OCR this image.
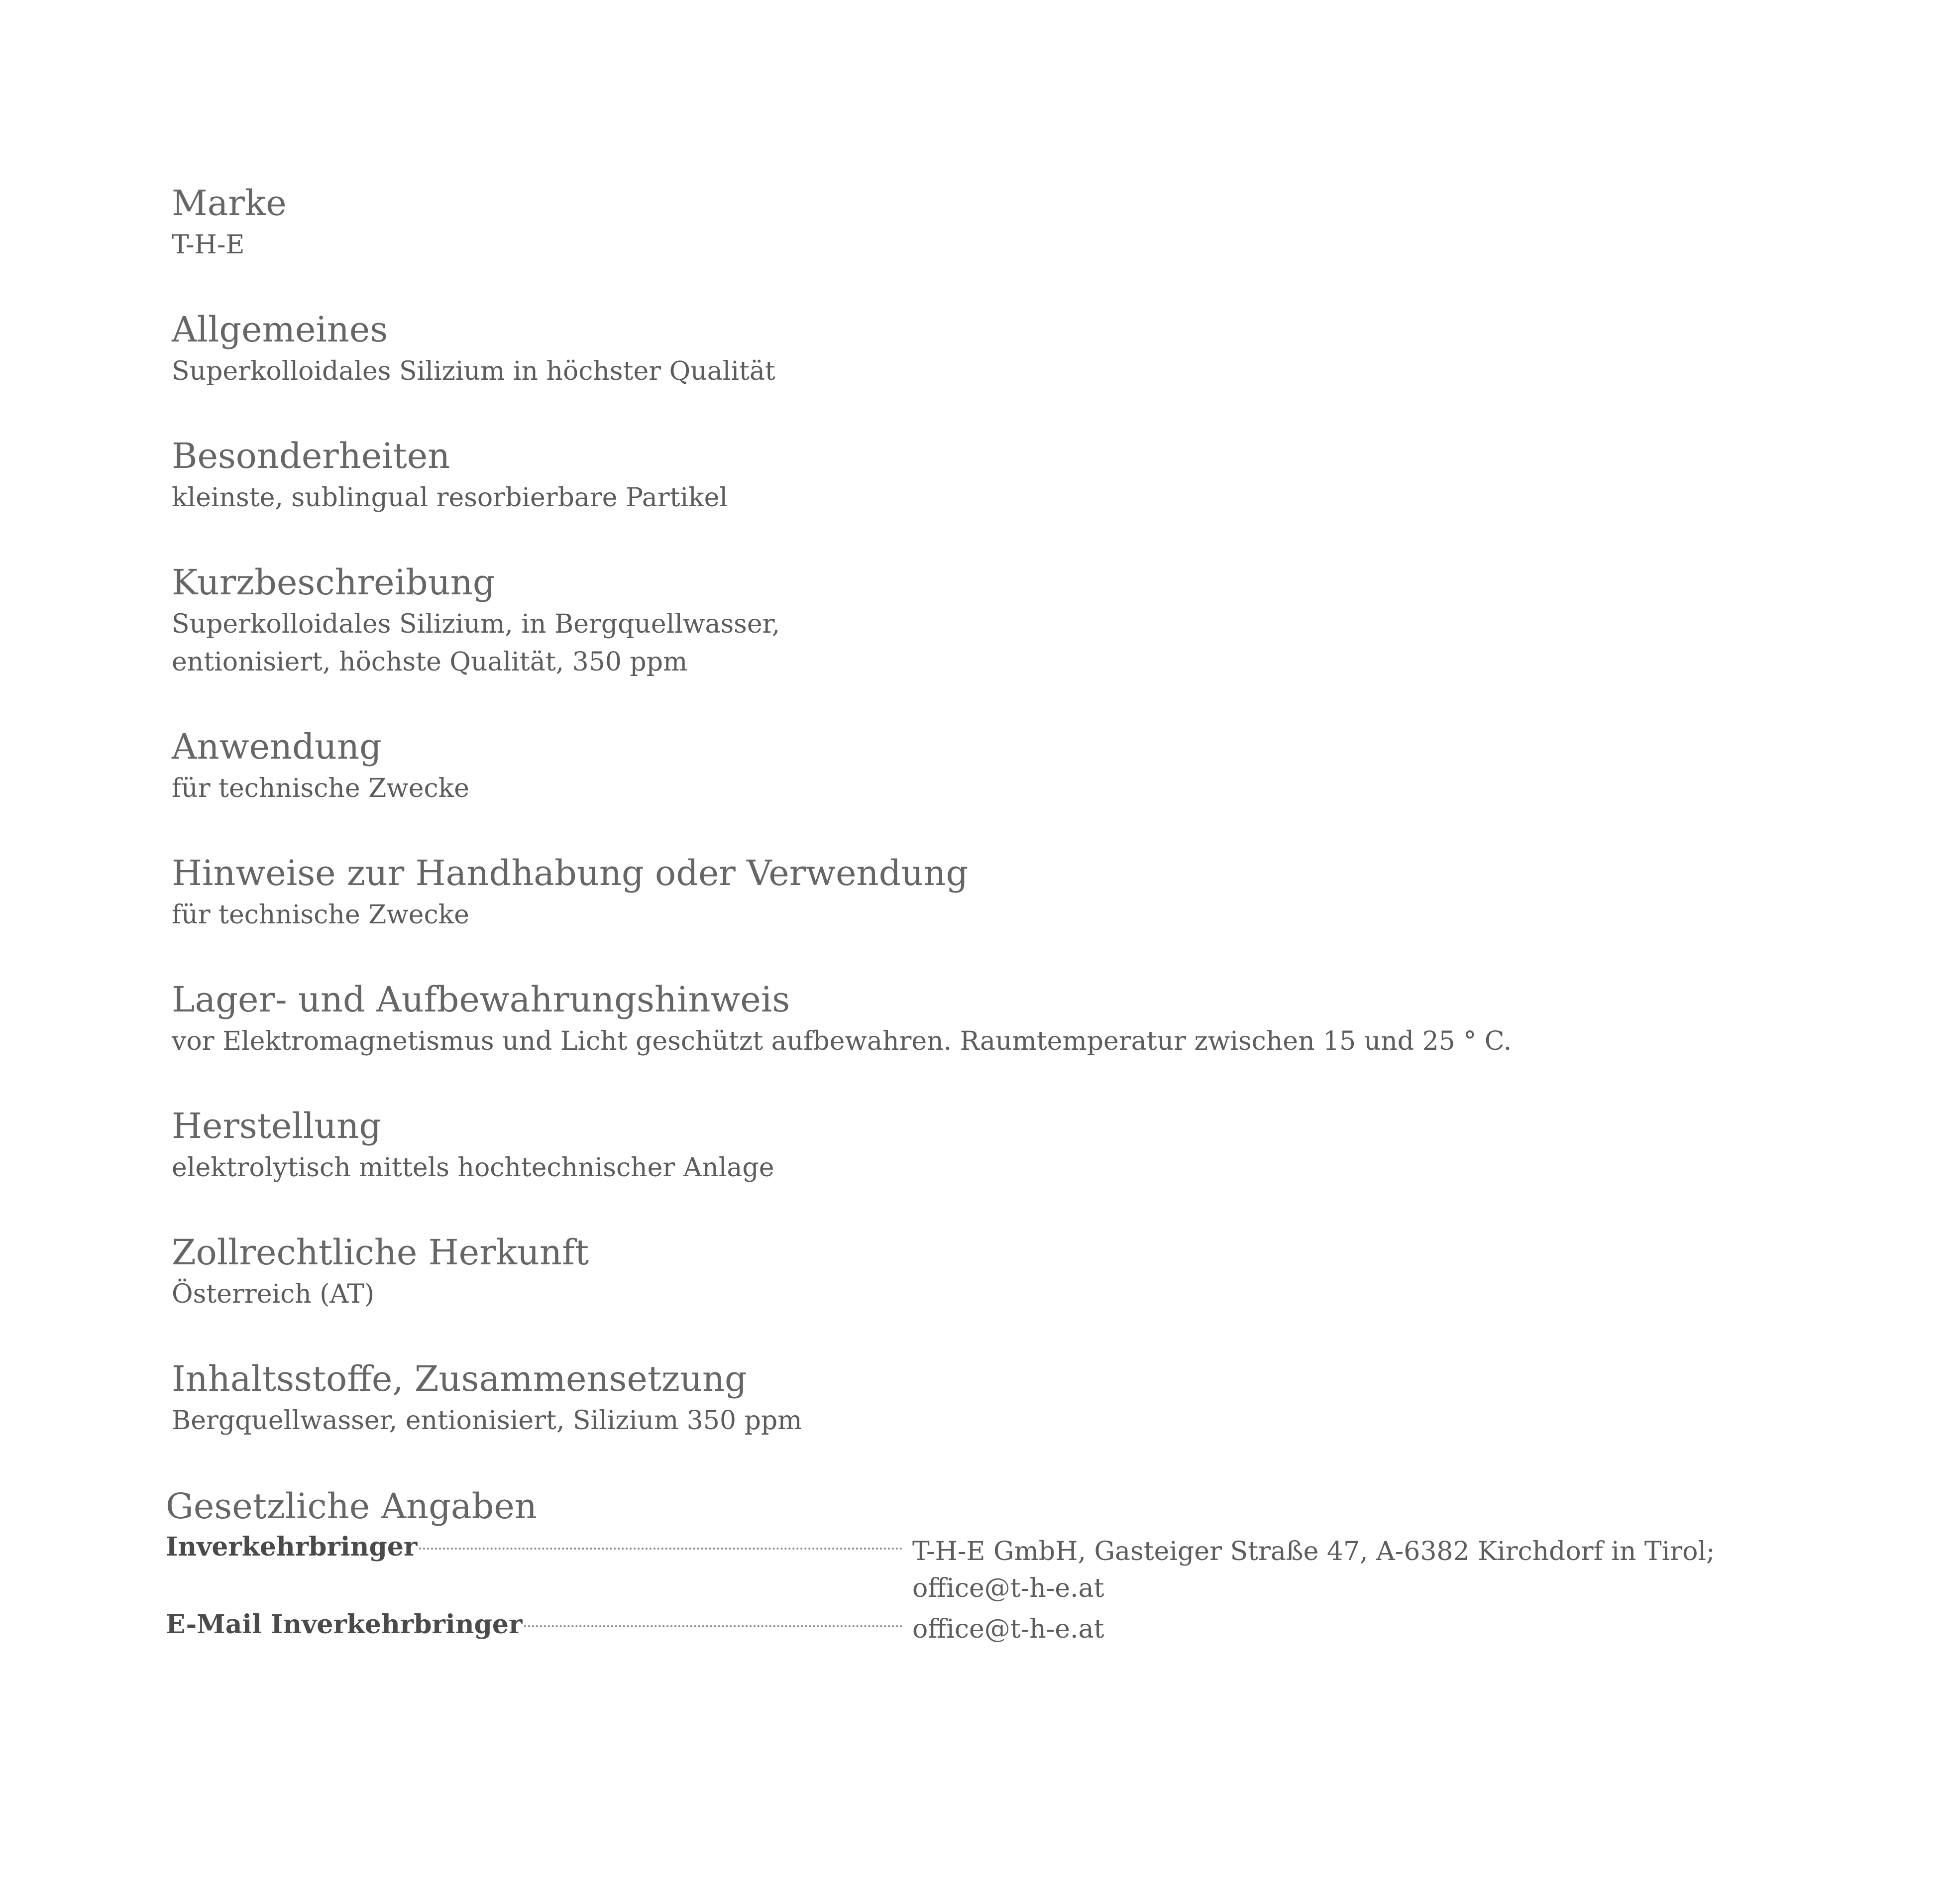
Marke
T-H-E
Allgemeines
Superkolloidales Silizium in höchster Qualität
Besonderheiten
kleinste, sublingual resorbierbare Partikel
Kurzbeschreibung
Superkolloidales Silizium, in Bergquellwasser,
entionisiert, höchste Qualität, 350 ppm
Anwendung
für technische Zwecke
Hinweise zur Handhabung oder Verwendung
für technische Zwecke
Lager- und Aufbewahrungshinweis
vor Elektromagnetismus und Licht geschützt aufbewahren. Raumtemperatur zwischen 15 und 25 ° C.
Herstellung
elektrolytisch mittels hochtechnischer Anlage
Zollrechtliche Herkunft
Österreich (AT)
Inhaltsstoffe, Zusammensetzung
Bergquellwasser, entionisiert, Silizium 350 ppm
Gesetzliche Angaben
Inverkehrbringer	T-H-E GmbH, Gasteiger Straße 47, A-6382 Kirchdorf in Tirol; office@t-h-e.at
E-Mail Inverkehrbringer	office@t-h-e.at
